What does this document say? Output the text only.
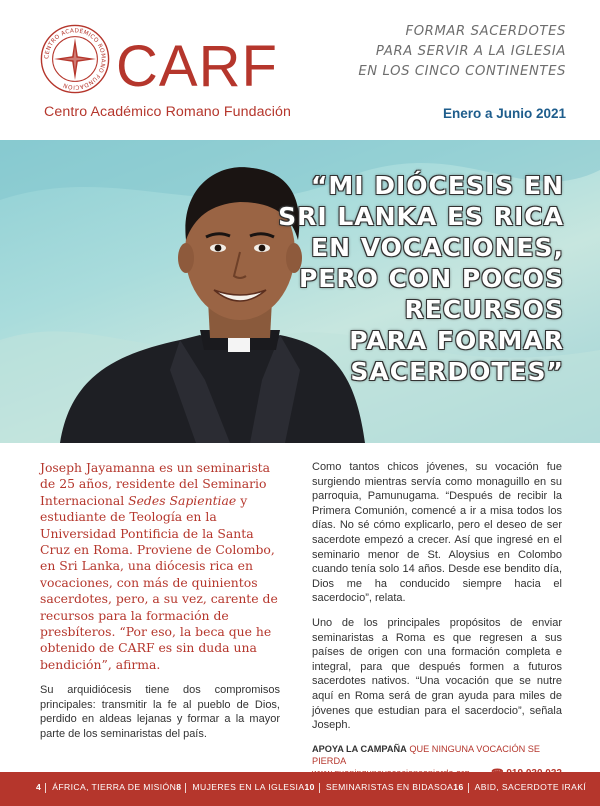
CENTRO ACADÉMICO ROMANO FUNDACIÓN CARF
Centro Académico Romano Fundación
FORMAR SACERDOTES
PARA SERVIR A LA IGLESIA
EN LOS CINCO CONTINENTES
Enero a Junio 2021
“MI DIÓCESIS EN
SRI LANKA ES RICA
EN VOCACIONES,
PERO CON POCOS
RECURSOS
PARA FORMAR
SACERDOTES”

Joseph Jayamanna es un seminarista de 25 años, residente del Seminario Internacional Sedes Sapientiae y estudiante de Teología en la Universidad Pontificia de la Santa Cruz en Roma. Proviene de Colombo, en Sri Lanka, una diócesis rica en vocaciones, con más de quinientos sacerdotes, pero, a su vez, carente de recursos para la formación de presbíteros. “Por eso, la beca que he obtenido de CARF es sin duda una bendición”, afirma.

Su arquidiócesis tiene dos compromisos principales: transmitir la fe al pueblo de Dios, perdido en aldeas lejanas y formar a la mayor parte de los seminaristas del país.

Como tantos chicos jóvenes, su vocación fue surgiendo mientras servía como monaguillo en su parroquia, Pamunugama. “Después de recibir la Primera Comunión, comencé a ir a misa todos los días. No sé cómo explicarlo, pero el deseo de ser sacerdote empezó a crecer. Así que ingresé en el seminario menor de St. Aloysius en Colombo cuando tenía solo 14 años. Desde ese bendito día, Dios me ha conducido siempre hacia el sacerdocio”, relata.

Uno de los principales propósitos de enviar seminaristas a Roma es que regresen a sus países de origen con una formación completa e integral, para que después formen a futuros sacerdotes nativos. “Una vocación que se nutre aquí en Roma será de gran ayuda para miles de jóvenes que estudian para el sacerdocio”, señala Joseph.

APOYA LA CAMPAÑA QUE NINGUNA VOCACIÓN SE PIERDA
4 ÁFRICA, TIERRA DE MISIÓN 8 MUJERES EN LA IGLESIA 10 SEMINARISTAS EN BIDASOA 16 ABID, SACERDOTE IRAKÍ
